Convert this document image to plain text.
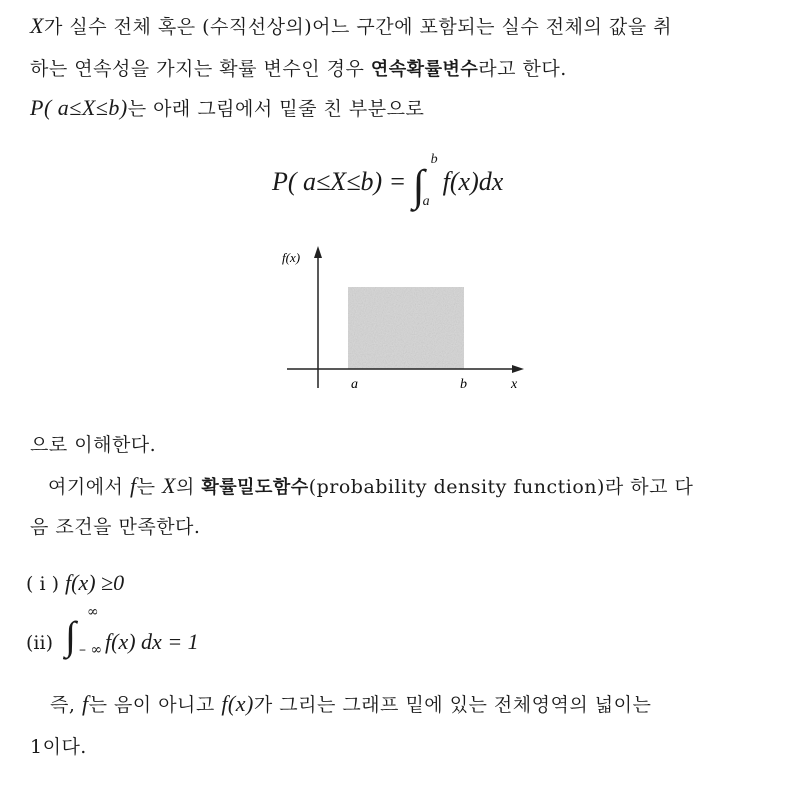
X가 실수 전체 혹은 (수직선상의)어느 구간에 포함되는 실수 전체의 값을 취
하는 연속성을 가지는 확률 변수인 경우 연속확률변수라고 한다.
P( a≤X≤b)는 아래 그림에서 밑줄 친 부분으로
P( a≤X≤b) = ∫
b
a
f(x)dx
f(x)
a	b	x
으로 이해한다.
여기에서 f는 X의 확률밀도함수(probability density function)라 하고 다
음 조건을 만족한다.
( i ) f(x) ≥0
(ii) ∫
∞
– ∞ f(x) dx = 1
즉, f는 음이 아니고 f(x)가 그리는 그래프 밑에 있는 전체영역의 넓이는
1이다.
